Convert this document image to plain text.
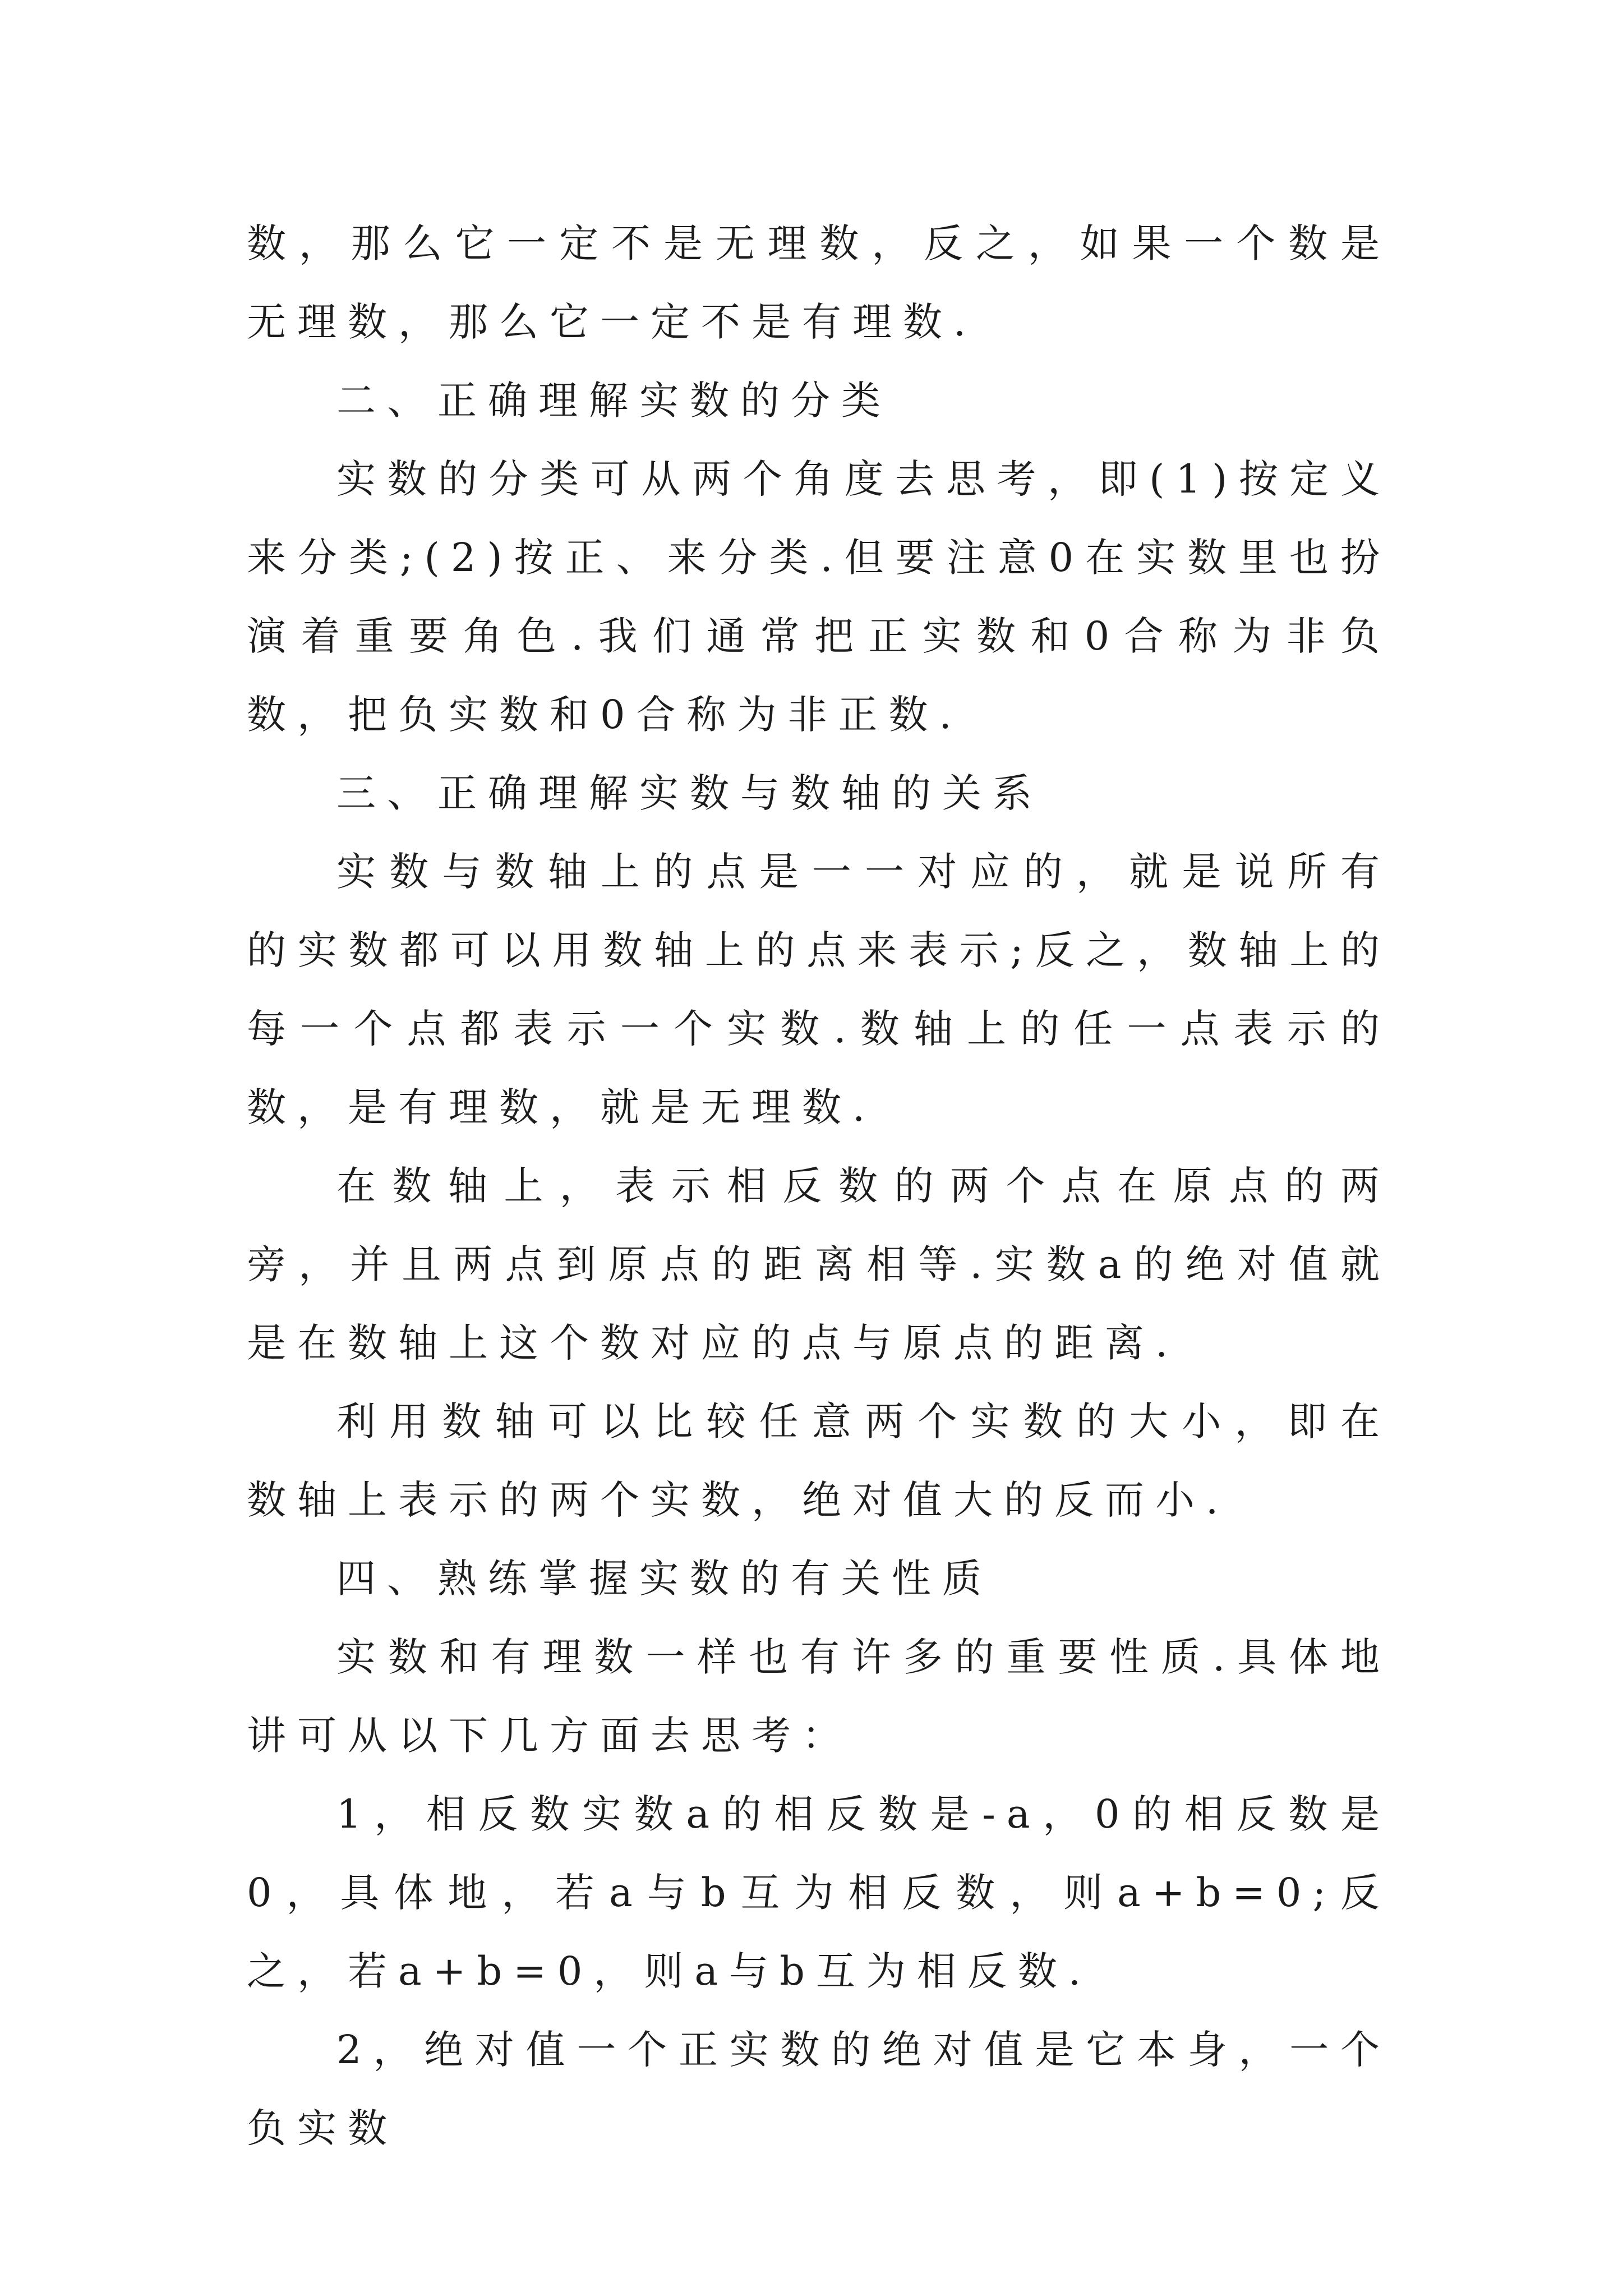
数，那么它一定不是无理数，反之，如果一个数是无理数，那么它一定不是有理数.

二、正确理解实数的分类

实数的分类可从两个角度去思考，即(1)按定义来分类;(2)按正、来分类.但要注意0在实数里也扮演着重要角色.我们通常把正实数和0合称为非负数，把负实数和0合称为非正数.

三、正确理解实数与数轴的关系

实数与数轴上的点是一一对应的，就是说所有的实数都可以用数轴上的点来表示;反之，数轴上的每一个点都表示一个实数.数轴上的任一点表示的数，是有理数，就是无理数.

在数轴上，表示相反数的两个点在原点的两旁，并且两点到原点的距离相等.实数a的绝对值就是在数轴上这个数对应的点与原点的距离.

利用数轴可以比较任意两个实数的大小，即在数轴上表示的两个实数，绝对值大的反而小.

四、熟练掌握实数的有关性质

实数和有理数一样也有许多的重要性质.具体地讲可从以下几方面去思考：

1，相反数实数a的相反数是-a，0的相反数是0，具体地，若a与b互为相反数，则a+b=0;反之，若a+b=0，则a与b互为相反数.

2，绝对值一个正实数的绝对值是它本身，一个负实数
